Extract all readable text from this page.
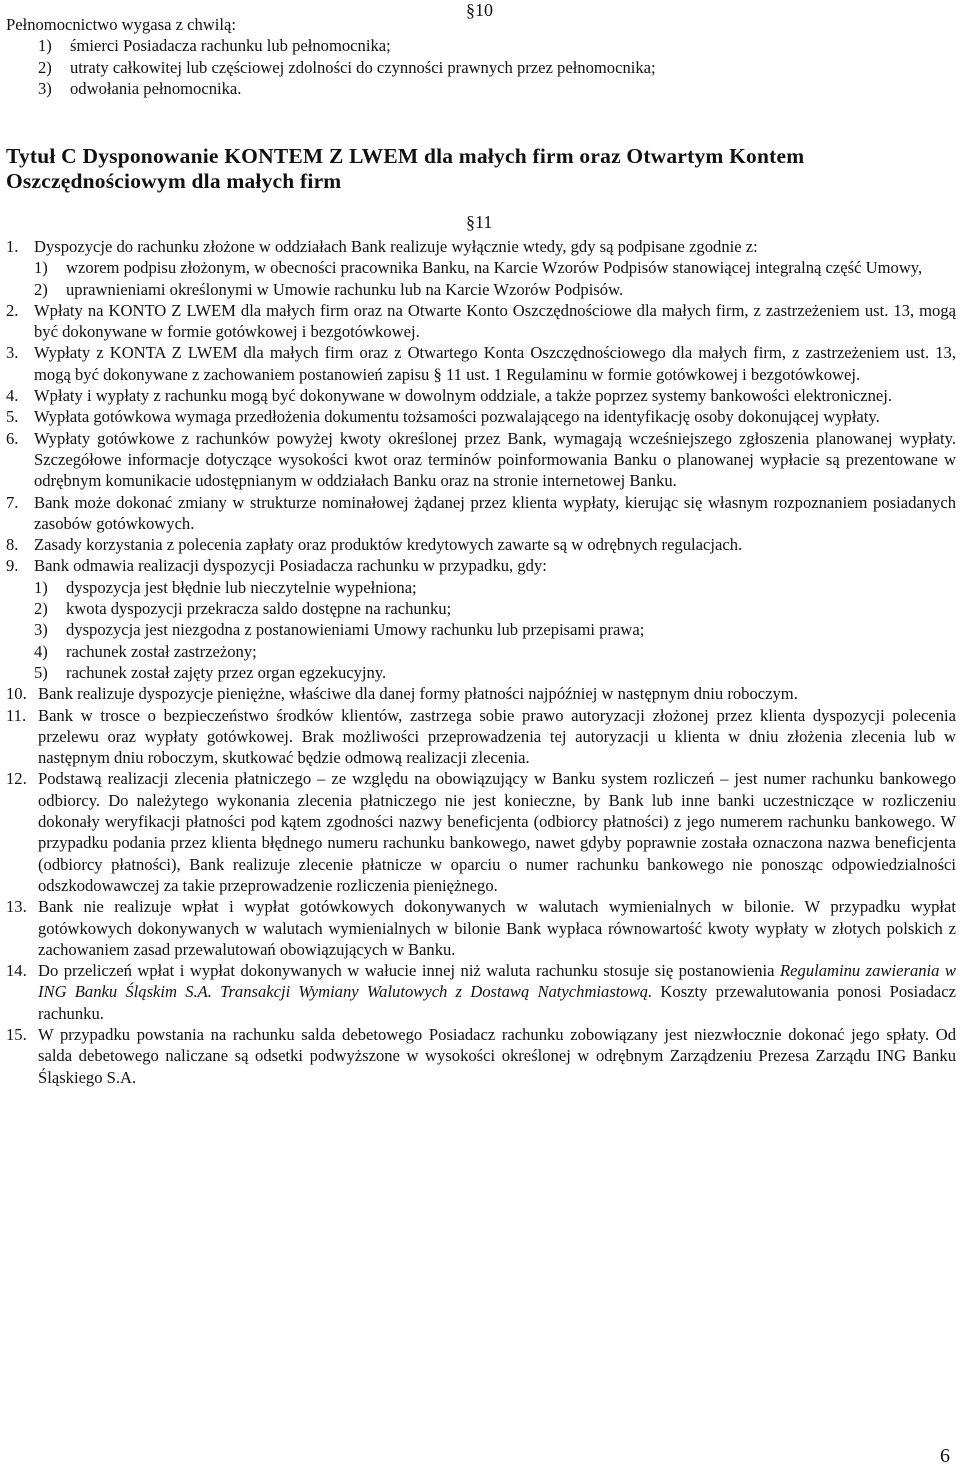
§10
Pełnomocnictwo wygasa z chwilą:
1) śmierci Posiadacza rachunku lub pełnomocnika;
2) utraty całkowitej lub częściowej zdolności do czynności prawnych przez pełnomocnika;
3) odwołania pełnomocnika.
Tytuł C Dysponowanie KONTEM Z LWEM dla małych firm oraz Otwartym Kontem Oszczędnościowym dla małych firm
§11
1. Dyspozycje do rachunku złożone w oddziałach Bank realizuje wyłącznie wtedy, gdy są podpisane zgodnie z:
1) wzorem podpisu złożonym, w obecności pracownika Banku, na Karcie Wzorów Podpisów stanowiącej integralną część Umowy,
2) uprawnieniami określonymi w Umowie rachunku lub na Karcie Wzorów Podpisów.
2. Wpłaty na KONTO Z LWEM dla małych firm oraz na Otwarte Konto Oszczędnościowe dla małych firm, z zastrzeżeniem ust. 13, mogą być dokonywane w formie gotówkowej i bezgotówkowej.
3. Wypłaty z KONTA Z LWEM dla małych firm oraz z Otwartego Konta Oszczędnościowego dla małych firm, z zastrzeżeniem ust. 13, mogą być dokonywane z zachowaniem postanowień zapisu § 11 ust. 1 Regulaminu w formie gotówkowej i bezgotówkowej.
4. Wpłaty i wypłaty z rachunku mogą być dokonywane w dowolnym oddziale, a także poprzez systemy bankowości elektronicznej.
5. Wypłata gotówkowa wymaga przedłożenia dokumentu tożsamości pozwalającego na identyfikację osoby dokonującej wypłaty.
6. Wypłaty gotówkowe z rachunków powyżej kwoty określonej przez Bank, wymagają wcześniejszego zgłoszenia planowanej wypłaty. Szczegółowe informacje dotyczące wysokości kwot oraz terminów poinformowania Banku o planowanej wypłacie są prezentowane w odrębnym komunikacie udostępnianym w oddziałach Banku oraz na stronie internetowej Banku.
7. Bank może dokonać zmiany w strukturze nominałowej żądanej przez klienta wypłaty, kierując się własnym rozpoznaniem posiadanych zasobów gotówkowych.
8. Zasady korzystania z polecenia zapłaty oraz produktów kredytowych zawarte są w odrębnych regulacjach.
9. Bank odmawia realizacji dyspozycji Posiadacza rachunku w przypadku, gdy:
1) dyspozycja jest błędnie lub nieczytelnie wypełniona;
2) kwota dyspozycji przekracza saldo dostępne na rachunku;
3) dyspozycja jest niezgodna z postanowieniami Umowy rachunku lub przepisami prawa;
4) rachunek został zastrzeżony;
5) rachunek został zajęty przez organ egzekucyjny.
10. Bank realizuje dyspozycje pieniężne, właściwe dla danej formy płatności najpóźniej w następnym dniu roboczym.
11. Bank w trosce o bezpieczeństwo środków klientów, zastrzega sobie prawo autoryzacji złożonej przez klienta dyspozycji polecenia przelewu oraz wypłaty gotówkowej. Brak możliwości przeprowadzenia tej autoryzacji u klienta w dniu złożenia zlecenia lub w następnym dniu roboczym, skutkować będzie odmową realizacji zlecenia.
12. Podstawą realizacji zlecenia płatniczego – ze względu na obowiązujący w Banku system rozliczeń – jest numer rachunku bankowego odbiorcy. Do należytego wykonania zlecenia płatniczego nie jest konieczne, by Bank lub inne banki uczestniczące w rozliczeniu dokonały weryfikacji płatności pod kątem zgodności nazwy beneficjenta (odbiorcy płatności) z jego numerem rachunku bankowego. W przypadku podania przez klienta błędnego numeru rachunku bankowego, nawet gdyby poprawnie została oznaczona nazwa beneficjenta (odbiorcy płatności), Bank realizuje zlecenie płatnicze w oparciu o numer rachunku bankowego nie ponosząc odpowiedzialności odszkodowawczej za takie przeprowadzenie rozliczenia pieniężnego.
13. Bank nie realizuje wpłat i wypłat gotówkowych dokonywanych w walutach wymienialnych w bilonie. W przypadku wypłat gotówkowych dokonywanych w walutach wymienialnych w bilonie Bank wypłaca równowartość kwoty wypłaty w złotych polskich z zachowaniem zasad przewalutowań obowiązujących w Banku.
14. Do przeliczeń wpłat i wypłat dokonywanych w wałucie innej niż waluta rachunku stosuje się postanowienia Regulaminu zawierania w ING Banku Śląskim S.A. Transakcji Wymiany Walutowych z Dostawą Natychmiastową. Koszty przewalutowania ponosi Posiadacz rachunku.
15. W przypadku powstania na rachunku salda debetowego Posiadacz rachunku zobowiązany jest niezwłocznie dokonać jego spłaty. Od salda debetowego naliczane są odsetki podwyższone w wysokości określonej w odrębnym Zarządzeniu Prezesa Zarządu ING Banku Śląskiego S.A.
6
